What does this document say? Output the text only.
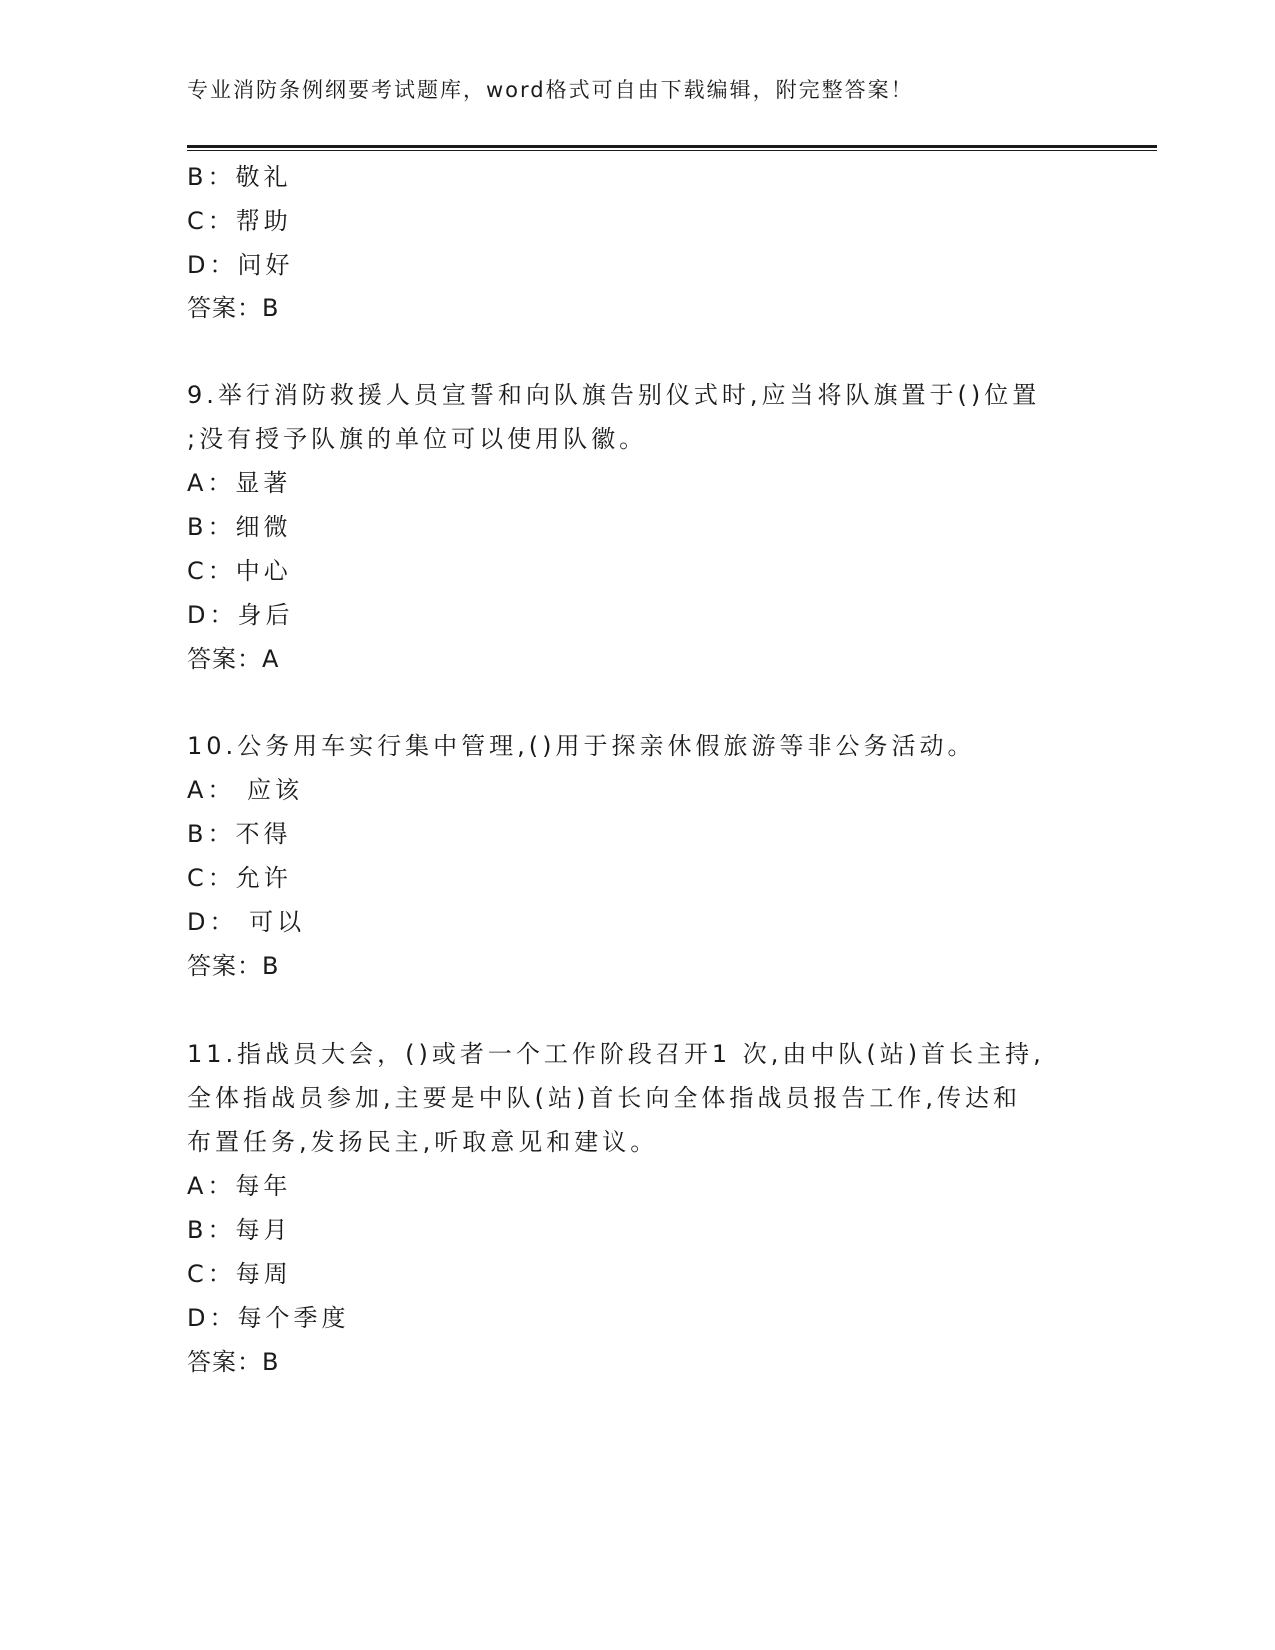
专业消防条例纲要考试题库，word格式可自由下载编辑，附完整答案！
B：敬礼
C：帮助
D：问好
答案：B
9.举行消防救援人员宣誓和向队旗告别仪式时,应当将队旗置于()位置
;没有授予队旗的单位可以使用队徽。
A：显著
B：细微
C：中心
D：身后
答案：A
10.公务用车实行集中管理,()用于探亲休假旅游等非公务活动。
A： 应该
B：不得
C：允许
D： 可以
答案：B
11.指战员大会，()或者一个工作阶段召开1 次,由中队(站)首长主持,
全体指战员参加,主要是中队(站)首长向全体指战员报告工作,传达和
布置任务,发扬民主,听取意见和建议。
A：每年
B：每月
C：每周
D：每个季度
答案：B
